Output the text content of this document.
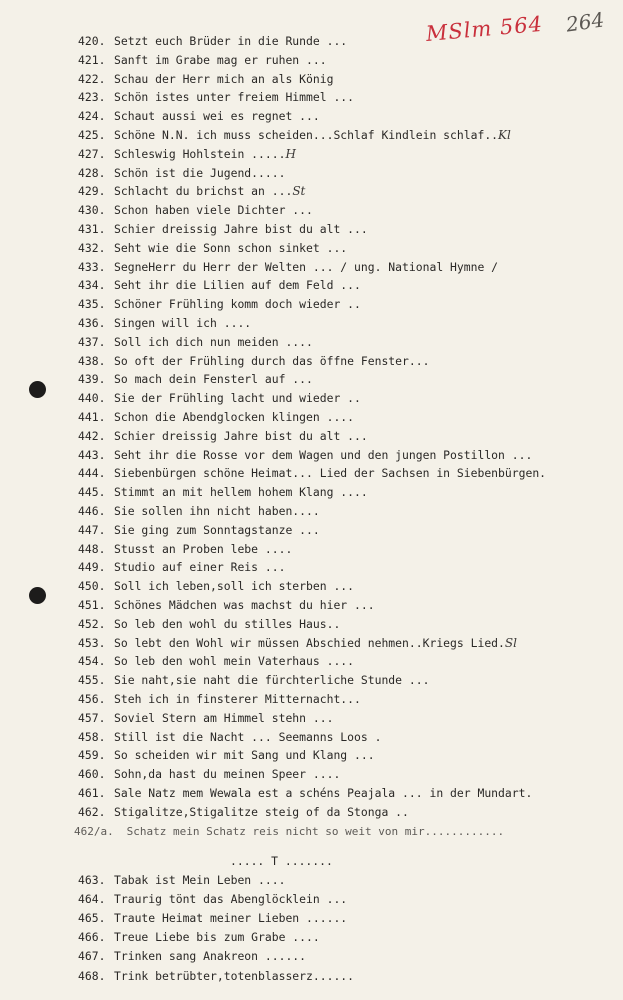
MSlm 564 264
420. Setzt euch Brüder in die Runde ...
421. Sanft im Grabe mag er ruhen ...
422. Schau der Herr mich an als König
423. Schön istes unter freiem Himmel ...
424. Schaut aussi wei es regnet ...
425. Schöne N.N. ich muss scheiden...Schlaf Kindlein schlaf..Kl
427. Schleswig Hohlstein .....H
428. Schön ist die Jugend.....
429. Schlacht du brichst an ...St
430. Schon haben viele Dichter ...
431. Schier dreissig Jahre bist du alt ...
432. Seht wie die Sonn schon sinket ...
433. SegneHerr du Herr der Welten ... / ung. National Hymne /
434. Seht ihr die Lilien auf dem Feld ...
435. Schöner Frühling komm doch wieder ..
436. Singen will ich ....
437. Soll ich dich nun meiden ....
438. So oft der Frühling durch das öffne Fenster...
439. So mach dein Fensterl auf ...
440. Sie der Frühling lacht und wieder ..
441. Schon die Abendglocken klingen ....
442. Schier dreissig Jahre bist du alt ...
443. Seht ihr die Rosse vor dem Wagen und den jungen Postillon ...
444. Siebenbürgen schöne Heimat... Lied der Sachsen in Siebenbürgen.
445. Stimmt an mit hellem hohem Klang ....
446. Sie sollen ihn nicht haben....
447. Sie ging zum Sonntagstanze ...
448. Stusst an Proben lebe ....
449. Studio auf einer Reis ...
450. Soll ich leben,soll ich sterben ...
451. Schönes Mädchen was machst du hier ...
452. So leb den wohl du stilles Haus..
453. So lebt den Wohl wir müssen Abschied nehmen..Kriegs Lied.Sl
454. So leb den wohl mein Vaterhaus ....
455. Sie naht,sie naht die fürchterliche Stunde ...
456. Steh ich in finsterer Mitternacht...
457. Soviel Stern am Himmel stehn ...
458. Still ist die Nacht ... Seemanns Loos .
459. So scheiden wir mit Sang und Klang ...
460. Sohn,da hast du meinen Speer ....
461. Sale Natz mem Wewala est a schéns Peajala ... in der Mundart.
462. Stigalitze,Stigalitze steig of da Stonga ..
462/a. Schatz mein Schatz reis nicht so weit von mir............
..... T .......
463. Tabak ist Mein Leben ....
464. Traurig tönt das Abenglöcklein ...
465. Traute Heimat meiner Lieben ......
466. Treue Liebe bis zum Grabe ....
467. Trinken sang Anakreon ......
468. Trink betrübter,totenblasserz......
